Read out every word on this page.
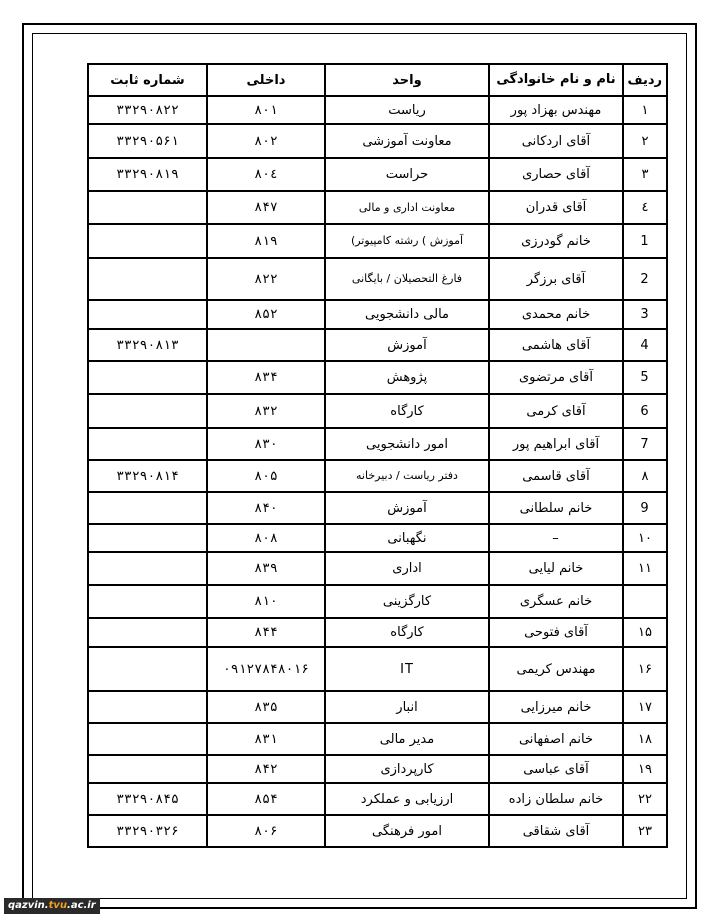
ردیف	نام و نام خانوادگی	واحد	داخلی	شماره ثابت
۱	مهندس بهزاد پور	ریاست	۸۰۱	۳۳۲۹۰۸۲۲
۲	آقای اردکانی	معاونت آموزشی	۸۰۲	۳۳۲۹۰۵۶۱
۳	آقای حصاری	حراست	۸۰٤	۳۳۲۹۰۸۱۹
٤	آقای قدران	معاونت اداری و مالی	۸۴۷	
1	خانم گودرزی	آموزش ) رشته کامپیوتر)	۸۱۹	
2	آقای برزگر	فارغ التحصیلان / بایگانی	۸۲۲	
3	خانم محمدی	مالی دانشجویی	۸۵۲	
4	آقای هاشمی	آموزش		۳۳۲۹۰۸۱۳
5	آقای مرتضوی	پژوهش	۸۳۴	
6	آقای کرمی	کارگاه	۸۳۲	
7	آقای ابراهیم پور	امور دانشجویی	۸۳۰	
۸	آقای قاسمی	دفتر ریاست / دبیرخانه	۸۰۵	۳۳۲۹۰۸۱۴
9	خانم سلطانی	آموزش	۸۴۰	
۱۰	–	نگهبانی	۸۰۸	
۱۱	خانم لیایی	اداری	۸۳۹	
	خانم عسگری	کارگزینی	۸۱۰	
۱۵	آقای فتوحی	کارگاه	۸۴۴	
۱۶	مهندس کریمی	IT	۰۹۱۲۷۸۴۸۰۱۶	
۱۷	خانم میرزایی	انبار	۸۳۵	
۱۸	خانم اصفهانی	مدیر مالی	۸۳۱	
۱۹	آقای عباسی	کارپردازی	۸۴۲	
۲۲	خانم سلطان زاده	ارزیابی و عملکرد	۸۵۴	۳۳۲۹۰۸۴۵
۲۳	آقای شقاقی	امور فرهنگی	۸۰۶	۳۳۲۹۰۳۲۶
qazvin.tvu.ac.ir
